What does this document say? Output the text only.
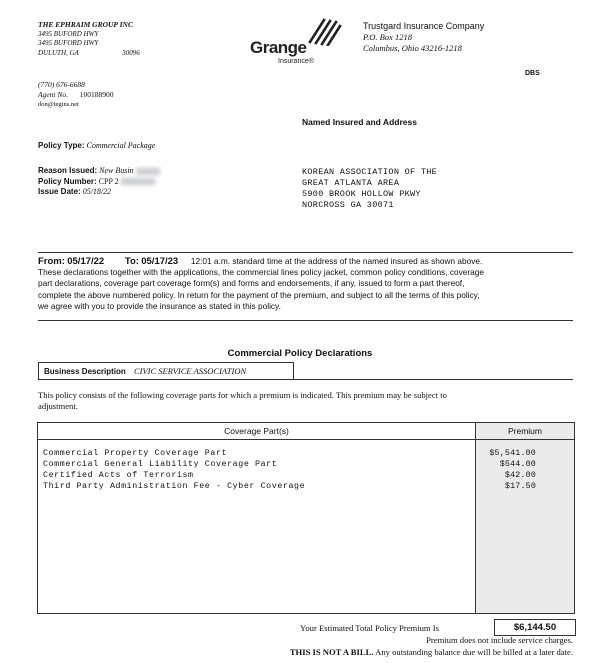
THE EPHRAIM GROUP INC
3495 BUFORD HWY
3495 BUFORD HWY
DULUTH, GA	30096	Grange
Insurance®
Trustgard Insurance Company
P.O. Box 1218
Columbus, Ohio 43216-1218
DBS
(770) 676-6688
Agent No. 100188900
don@tegins.net
Named Insured and Address
Policy Type: Commercial Package
Reason Issued: New Busin
Policy Number: CPP 2
Issue Date: 05/18/22
KOREAN ASSOCIATION OF THE
GREAT ATLANTA AREA
5900 BROOK HOLLOW PKWY
NORCROSS GA 30071
From: 05/17/22 To: 05/17/23 12:01 a.m. standard time at the address of the named insured as shown above.
These declarations together with the applications, the commercial lines policy jacket, common policy conditions, coverage
part declarations, coverage part coverage form(s) and forms and endorsements, if any, issued to form a part thereof,
complete the above numbered policy. In return for the payment of the premium, and subject to all the terms of this policy,
we agree with you to provide the insurance as stated in this policy.
Commercial Policy Declarations
Business Description CIVIC SERVICE ASSOCIATION
This policy consists of the following coverage parts for which a premium is indicated. This premium may be subject to
adjustment.
Coverage Part(s)	Premium
Commercial Property Coverage Part	$5,541.00
Commercial General Liability Coverage Part	$544.00
Certified Acts of Terrorism	$42.00
Third Party Administration Fee - Cyber Coverage	$17.50
Your Estimated Total Policy Premium Is	$6,144.50
Premium does not include service charges.
THIS IS NOT A BILL. Any outstanding balance due will be billed at a later date.
